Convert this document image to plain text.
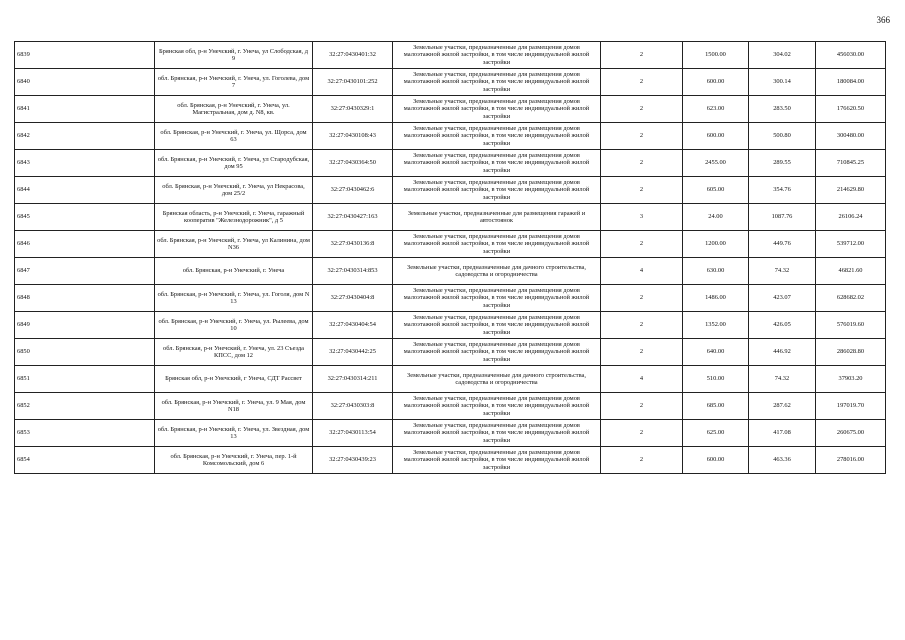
366
6839	Брянская обл, р-н Унечский, г. Унеча, ул Слободская, д 9	32:27:0430401:32	Земельные участки, предназначенные для размещения домов малоэтажной жилой застройки, в том числе индивидуальной жилой застройки	2	1500.00	304.02	456030.00
6840	обл. Брянская, р-н Унечский, г. Унеча, ул. Гоголева, дом 7	32:27:0430101:252	Земельные участки, предназначенные для размещения домов малоэтажной жилой застройки, в том числе индивидуальной жилой застройки	2	600.00	300.14	180084.00
6841	обл. Брянская, р-н Унечский, г. Унеча, ул. Магистральная, дом д. N8, кв.	32:27:0430329:1	Земельные участки, предназначенные для размещения домов малоэтажной жилой застройки, в том числе индивидуальной жилой застройки	2	623.00	283.50	176620.50
6842	обл. Брянская, р-н Унечский, г. Унеча, ул. Щорса, дом 63	32:27:0430108:43	Земельные участки, предназначенные для размещения домов малоэтажной жилой застройки, в том числе индивидуальной жилой застройки	2	600.00	500.80	300480.00
6843	обл. Брянская, р-н Унечский, г. Унеча, ул Стародубская, дом 95	32:27:0430364:50	Земельные участки, предназначенные для размещения домов малоэтажной жилой застройки, в том числе индивидуальной жилой застройки	2	2455.00	289.55	710845.25
6844	обл. Брянская, р-н Унечский, г. Унеча, ул Некрасова, дом 25/2	32:27:0430462:6	Земельные участки, предназначенные для размещения домов малоэтажной жилой застройки, в том числе индивидуальной жилой застройки	2	605.00	354.76	214629.80
6845	Брянская область, р-н Унечский, г. Унеча, гаражный кооператив "Железнодорожник", д 5	32:27:0430427:163	Земельные участки, предназначенные для размещения гаражей и автостоянок	3	24.00	1087.76	26106.24
6846	обл. Брянская, р-н Унечский, г. Унеча, ул Калинина, дом N36	32:27:0430136:8	Земельные участки, предназначенные для размещения домов малоэтажной жилой застройки, в том числе индивидуальной жилой застройки	2	1200.00	449.76	539712.00
6847	обл. Брянская, р-н Унечский, г. Унеча	32:27:0430314:853	Земельные участки, предназначенные для дачного строительства, садоводства и огородничества	4	630.00	74.32	46821.60
6848	обл. Брянская, р-н Унечский, г. Унеча, ул. Гоголя, дом N 13	32:27:0430404:8	Земельные участки, предназначенные для размещения домов малоэтажной жилой застройки, в том числе индивидуальной жилой застройки	2	1486.00	423.07	628682.02
6849	обл. Брянская, р-н Унечский, г. Унеча, ул. Рылеева, дом 10	32:27:0430404:54	Земельные участки, предназначенные для размещения домов малоэтажной жилой застройки, в том числе индивидуальной жилой застройки	2	1352.00	426.05	576019.60
6850	обл. Брянская, р-н Унечский, г. Унеча, ул. 23 Съезда КПСС, дом 12	32:27:0430442:25	Земельные участки, предназначенные для размещения домов малоэтажной жилой застройки, в том числе индивидуальной жилой застройки	2	640.00	446.92	286028.80
6851	Брянская обл, р-н Унечский, г Унеча, СДТ Рассвет	32:27:0430314:211	Земельные участки, предназначенные для дачного строительства, садоводства и огородничества	4	510.00	74.32	37903.20
6852	обл. Брянская, р-н Унечский, г. Унеча, ул. 9 Мая, дом N18	32:27:0430303:8	Земельные участки, предназначенные для размещения домов малоэтажной жилой застройки, в том числе индивидуальной жилой застройки	2	685.00	287.62	197019.70
6853	обл. Брянская, р-н Унечский, г. Унеча, ул. Звездная, дом 13	32:27:0430113:54	Земельные участки, предназначенные для размещения домов малоэтажной жилой застройки, в том числе индивидуальной жилой застройки	2	625.00	417.08	260675.00
6854	обл. Брянская, р-н Унечский, г. Унеча, пер. 1-й Комсомольский, дом 6	32:27:0430439:23	Земельные участки, предназначенные для размещения домов малоэтажной жилой застройки, в том числе индивидуальной жилой застройки	2	600.00	463.36	278016.00
